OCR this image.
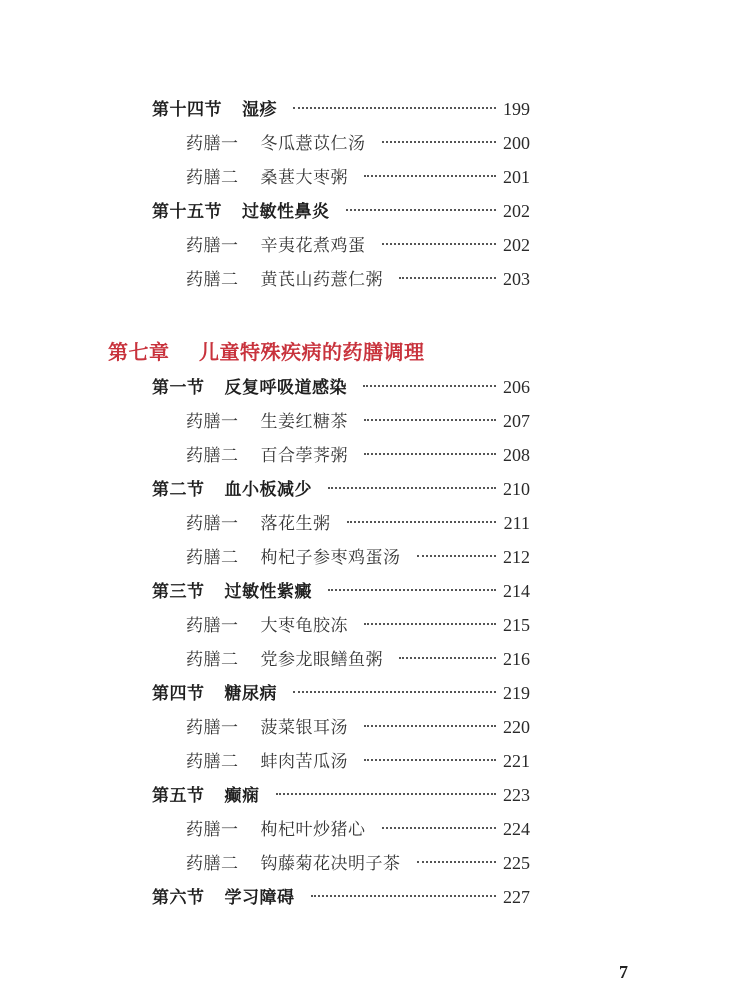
第十四节 湿疹	199
药膳一 冬瓜薏苡仁汤	200
药膳二 桑葚大枣粥	201
第十五节 过敏性鼻炎	202
药膳一 辛夷花煮鸡蛋	202
药膳二 黄芪山药薏仁粥	203
第七章 儿童特殊疾病的药膳调理
第一节 反复呼吸道感染	206
药膳一 生姜红糖茶	207
药膳二 百合荸荠粥	208
第二节 血小板减少	210
药膳一 落花生粥	211
药膳二 枸杞子参枣鸡蛋汤	212
第三节 过敏性紫癜	214
药膳一 大枣龟胶冻	215
药膳二 党参龙眼鳝鱼粥	216
第四节 糖尿病	219
药膳一 菠菜银耳汤	220
药膳二 蚌肉苦瓜汤	221
第五节 癫痫	223
药膳一 枸杞叶炒猪心	224
药膳二 钩藤菊花决明子茶	225
第六节 学习障碍	227
7
